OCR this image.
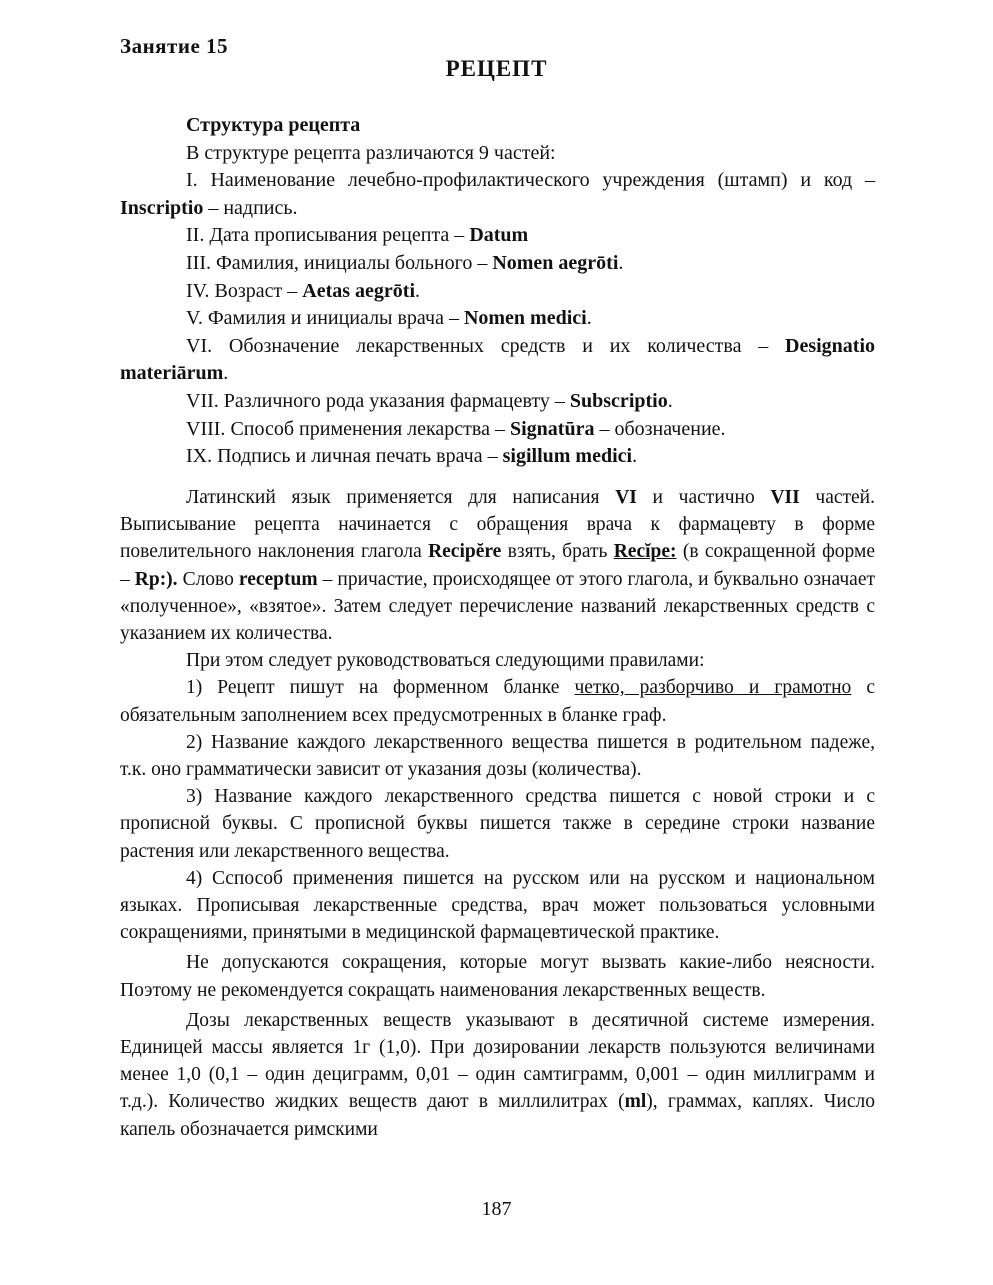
Занятие 15
РЕЦЕПТ

Структура рецепта

В структуре рецепта различаются 9 частей:

I. Наименование лечебно-профилактического учреждения (штамп) и код – Inscriptio – надпись.

II. Дата прописывания рецепта – Datum

III. Фамилия, инициалы больного – Nomen aegrōti.

IV. Возраст – Aetas aegrōti.

V. Фамилия и инициалы врача – Nomen medici.

VI. Обозначение лекарственных средств и их количества – Designatio materiārum.

VII. Различного рода указания фармацевту – Subscriptio.

VIII. Способ применения лекарства – Signatūra – обозначение.

IX. Подпись и личная печать врача – sigillum medici.

Латинский язык применяется для написания VI и частично VII частей. Выписывание рецепта начинается с обращения врача к фармацевту в форме повелительного наклонения глагола Recipĕre взять, брать Recĭpe: (в сокращенной форме – Rp:). Слово receptum – причастие, происходящее от этого глагола, и буквально означает «полученное», «взятое». Затем следует перечисление названий лекарственных средств с указанием их количества.

При этом следует руководствоваться следующими правилами:

1) Рецепт пишут на форменном бланке четко, разборчиво и грамотно с обязательным заполнением всех предусмотренных в бланке граф.

2) Название каждого лекарственного вещества пишется в родительном падеже, т.к. оно грамматически зависит от указания дозы (количества).

3) Название каждого лекарственного средства пишется с новой строки и с прописной буквы. С прописной буквы пишется также в середине строки название растения или лекарственного вещества.

4) Сспособ применения пишется на русском или на русском и национальном языках. Прописывая лекарственные средства, врач может пользоваться условными сокращениями, принятыми в медицинской фармацевтической практике.

Не допускаются сокращения, которые могут вызвать какие-либо неясности. Поэтому не рекомендуется сокращать наименования лекарственных веществ.

Дозы лекарственных веществ указывают в десятичной системе измерения. Единицей массы является 1г (1,0). При дозировании лекарств пользуются величинами менее 1,0 (0,1 – один дециграмм, 0,01 – один самтиграмм, 0,001 – один миллиграмм и т.д.). Количество жидких веществ дают в миллилитрах (ml), граммах, каплях. Число капель обозначается римскими

187
